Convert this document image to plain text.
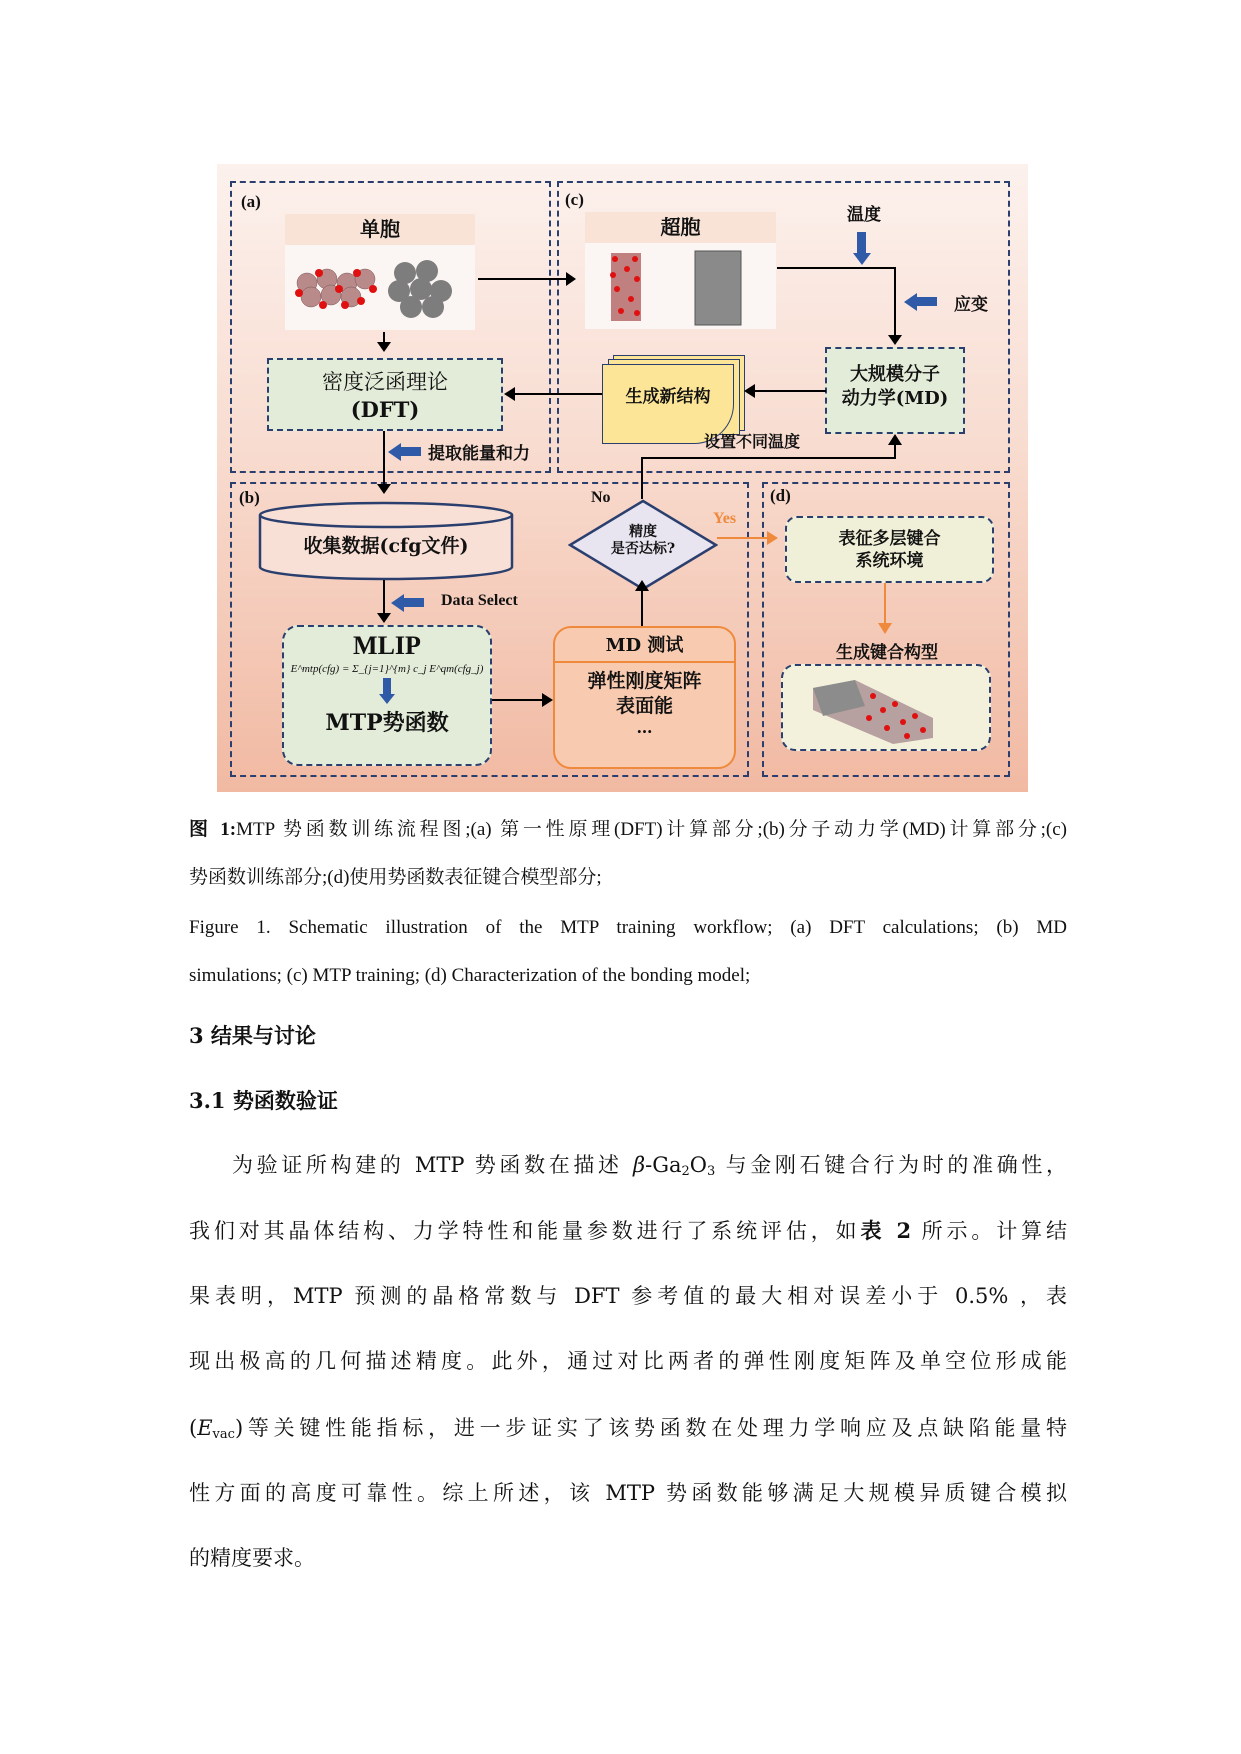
(a)	(c)
(b)	(d)
单胞	超胞	温度
应变
大规模分子
动力学(MD)
生成新结构
密度泛函理论
(DFT)
提取能量和力
设置不同温度
No
Yes
精度
是否达标?
收集数据(cfg文件)
Data Select
MLIP
E^mtp(cfg) = Σ_{j=1}^{m} c_j E^qm(cfg_j)
MTP势函数
MD 测试
弹性刚度矩阵
表面能
…
表征多层键合
系统环境
生成键合构型
图 1:MTP 势函数训练流程图;(a) 第一性原理(DFT)计算部分;(b)分子动力学(MD)计算部分;(c)
势函数训练部分;(d)使用势函数表征键合模型部分;
Figure 1. Schematic illustration of the MTP training workflow; (a) DFT calculations; (b) MD
simulations; (c) MTP training; (d) Characterization of the bonding model;
3 结果与讨论
3.1 势函数验证
为验证所构建的 MTP 势函数在描述 $\beta-Ga_2O_3$ 与金刚石键合行为时的准确性，
我们对其晶体结构、力学特性和能量参数进行了系统评估，如表 2 所示。计算结
果表明，MTP 预测的晶格常数与 DFT 参考值的最大相对误差小于 0.5% ，表
现出极高的几何描述精度。此外，通过对比两者的弹性刚度矩阵及单空位形成能
$(E_{vac})$等关键性能指标，进一步证实了该势函数在处理力学响应及点缺陷能量特
性方面的高度可靠性。综上所述，该 MTP 势函数能够满足大规模异质键合模拟
的精度要求。
